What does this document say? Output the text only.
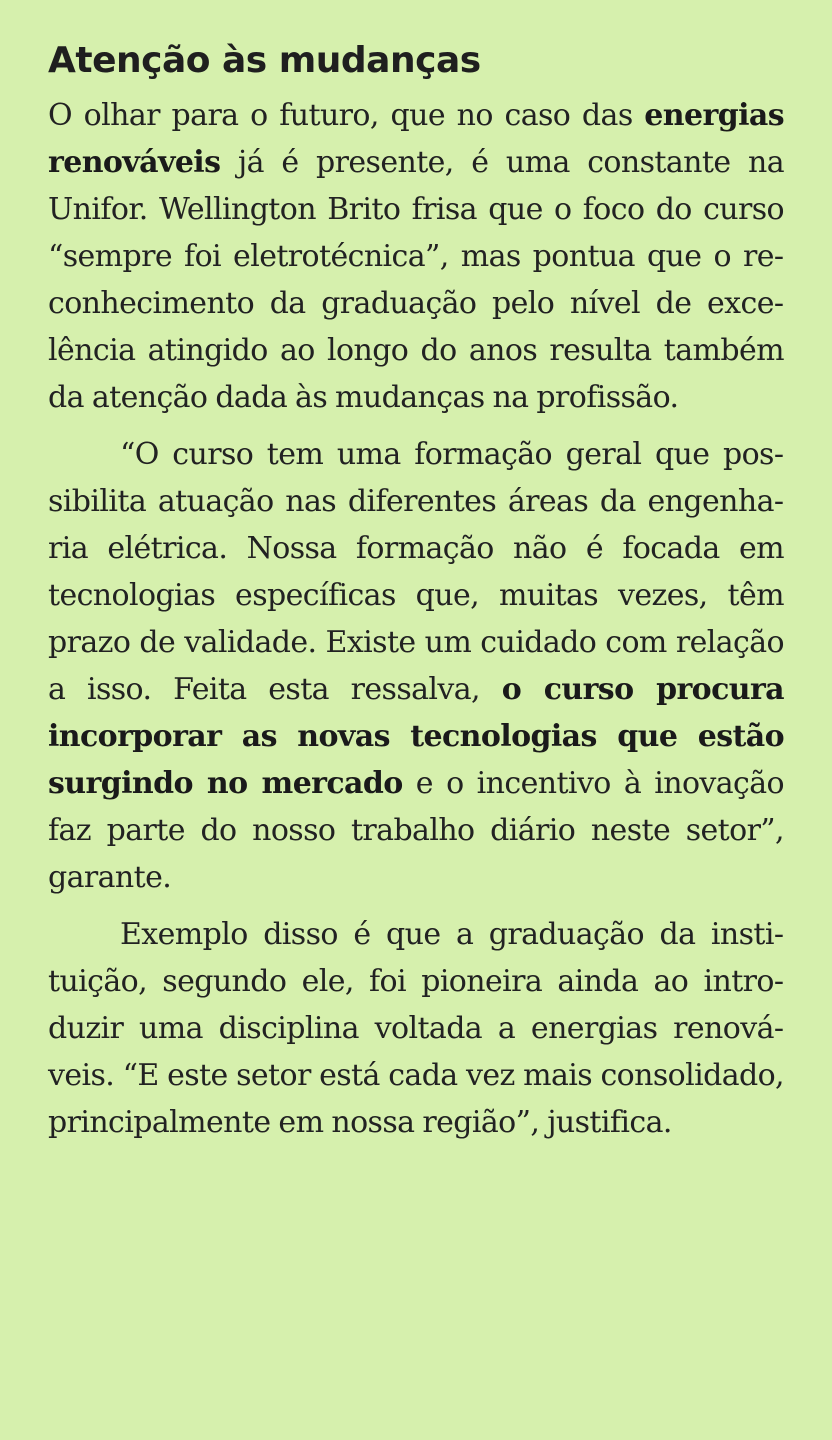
Atenção às mudanças

O olhar para o futuro, que no caso das energias renováveis já é presente, é uma constante na Unifor. Wellington Brito frisa que o foco do curso “sempre foi eletrotécnica”, mas pontua que o reconhecimento da graduação pelo nível de excelência atingido ao longo do anos resulta também da atenção dada às mudanças na profissão.

“O curso tem uma formação geral que possibilita atuação nas diferentes áreas da engenharia elétrica. Nossa formação não é focada em tecnologias específicas que, muitas vezes, têm prazo de validade. Existe um cuidado com relação a isso. Feita esta ressalva, o curso procura incorporar as novas tecnologias que estão surgindo no mercado e o incentivo à inovação faz parte do nosso trabalho diário neste setor”, garante.

Exemplo disso é que a graduação da instituição, segundo ele, foi pioneira ainda ao introduzir uma disciplina voltada a energias renováveis. “E este setor está cada vez mais consolidado, principalmente em nossa região”, justifica.
